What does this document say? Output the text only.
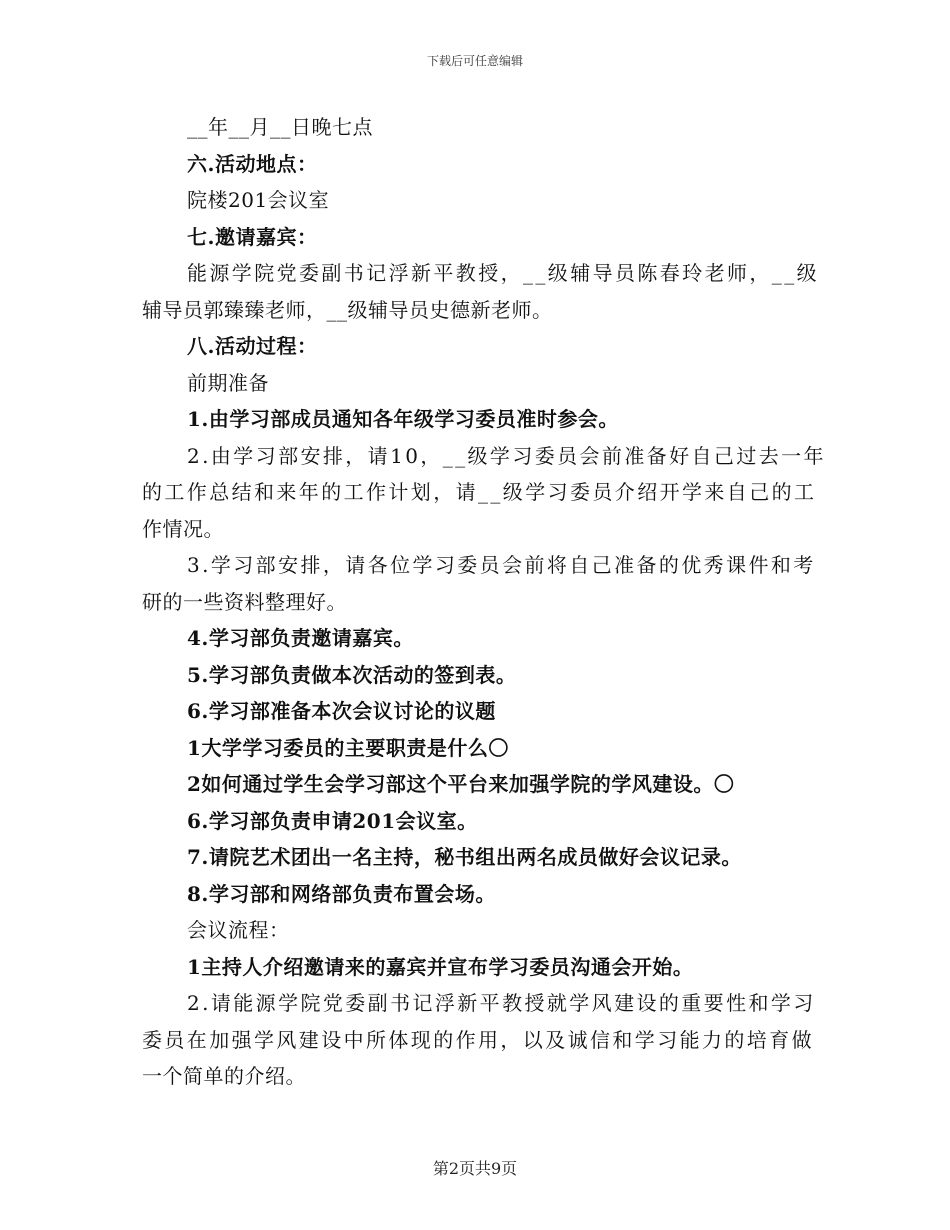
下载后可任意编辑
__年__月__日晚七点
六.活动地点：
院楼201会议室
七.邀请嘉宾：
能源学院党委副书记浮新平教授，__级辅导员陈春玲老师，__级
辅导员郭臻臻老师，__级辅导员史德新老师。
八.活动过程：
前期准备
1.由学习部成员通知各年级学习委员准时参会。
2.由学习部安排，请10，__级学习委员会前准备好自己过去一年
的工作总结和来年的工作计划，请__级学习委员介绍开学来自己的工
作情况。
3.学习部安排，请各位学习委员会前将自己准备的优秀课件和考
研的一些资料整理好。
4.学习部负责邀请嘉宾。
5.学习部负责做本次活动的签到表。
6.学习部准备本次会议讨论的议题
1大学学习委员的主要职责是什么〇
2如何通过学生会学习部这个平台来加强学院的学风建设。〇
6.学习部负责申请201会议室。
7.请院艺术团出一名主持，秘书组出两名成员做好会议记录。
8.学习部和网络部负责布置会场。
会议流程：
1主持人介绍邀请来的嘉宾并宣布学习委员沟通会开始。
2.请能源学院党委副书记浮新平教授就学风建设的重要性和学习
委员在加强学风建设中所体现的作用，以及诚信和学习能力的培育做
一个简单的介绍。
第2页共9页
